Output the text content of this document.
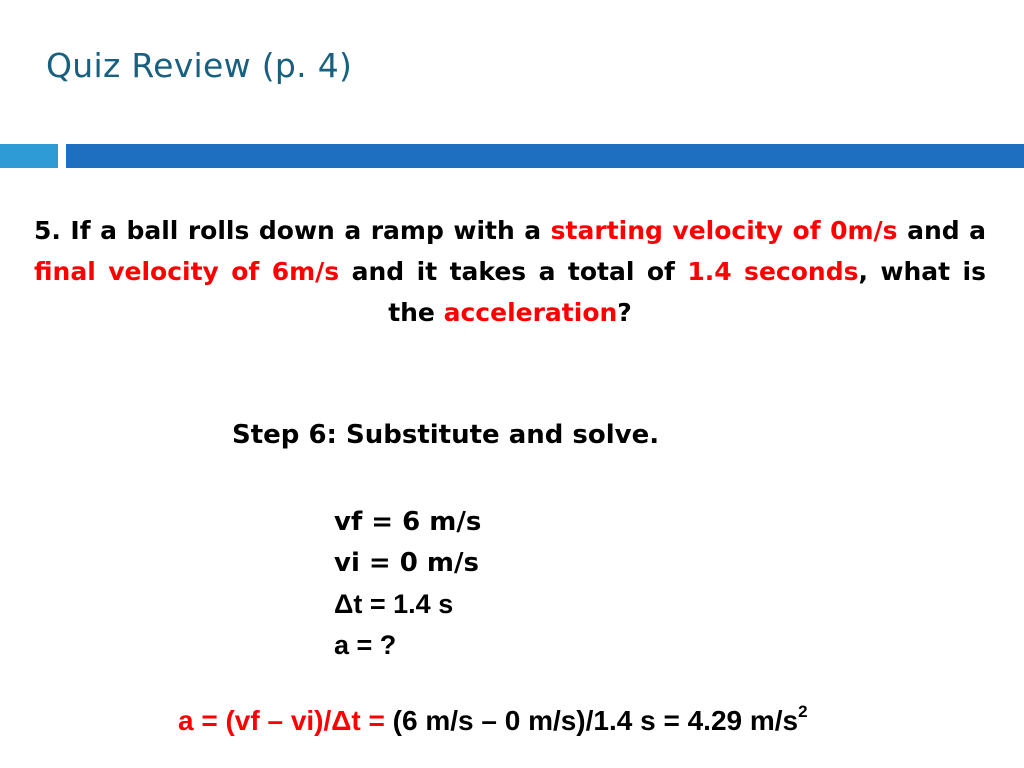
Quiz Review (p. 4)
5. If a ball rolls down a ramp with a starting velocity of 0m/s and a final velocity of 6m/s and it takes a total of 1.4 seconds, what is the acceleration?
Step 6: Substitute and solve.
vf = 6 m/s
vi = 0 m/s
Δt = 1.4 s
a = ?
a = (vf – vi)/Δt = (6 m/s – 0 m/s)/1.4 s = 4.29 $m/s^2$
